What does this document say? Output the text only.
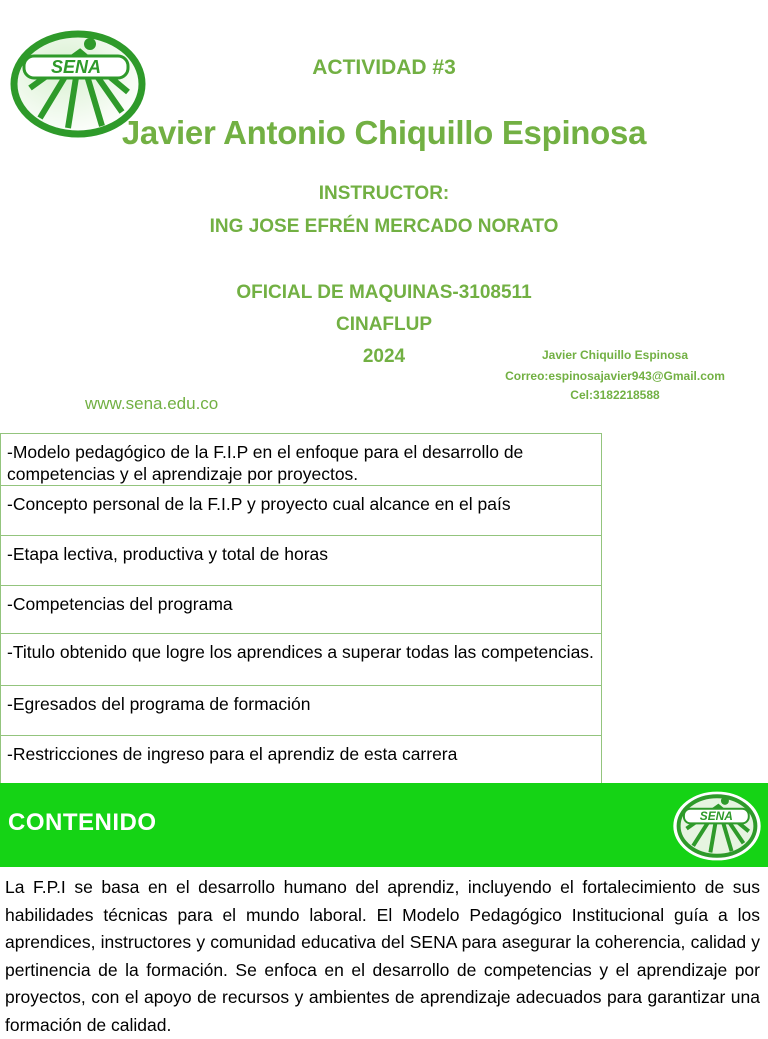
SENA	ACTIVIDAD #3
Javier Antonio Chiquillo Espinosa
INSTRUCTOR:
ING JOSE EFRÉN MERCADO NORATO
OFICIAL DE MAQUINAS-3108511
CINAFLUP
2024	Javier Chiquillo Espinosa
Correo:espinosajavier943@Gmail.com
Cel:3182218588
www.sena.edu.co
-Modelo pedagógico de la F.I.P en el enfoque para el desarrollo de competencias y el aprendizaje por proyectos.
-Concepto personal de la F.I.P y proyecto cual alcance en el país
-Etapa lectiva, productiva y total de horas
-Competencias del programa
-Titulo obtenido que logre los aprendices a superar todas las competencias.
-Egresados del programa de formación
-Restricciones de ingreso para el aprendiz de esta carrera
CONTENIDO	SENA
La F.P.I se basa en el desarrollo humano del aprendiz, incluyendo el fortalecimiento de sus habilidades técnicas para el mundo laboral. El Modelo Pedagógico Institucional guía a los aprendices, instructores y comunidad educativa del SENA para asegurar la coherencia, calidad y pertinencia de la formación. Se enfoca en el desarrollo de competencias y el aprendizaje por proyectos, con el apoyo de recursos y ambientes de aprendizaje adecuados para garantizar una formación de calidad.
